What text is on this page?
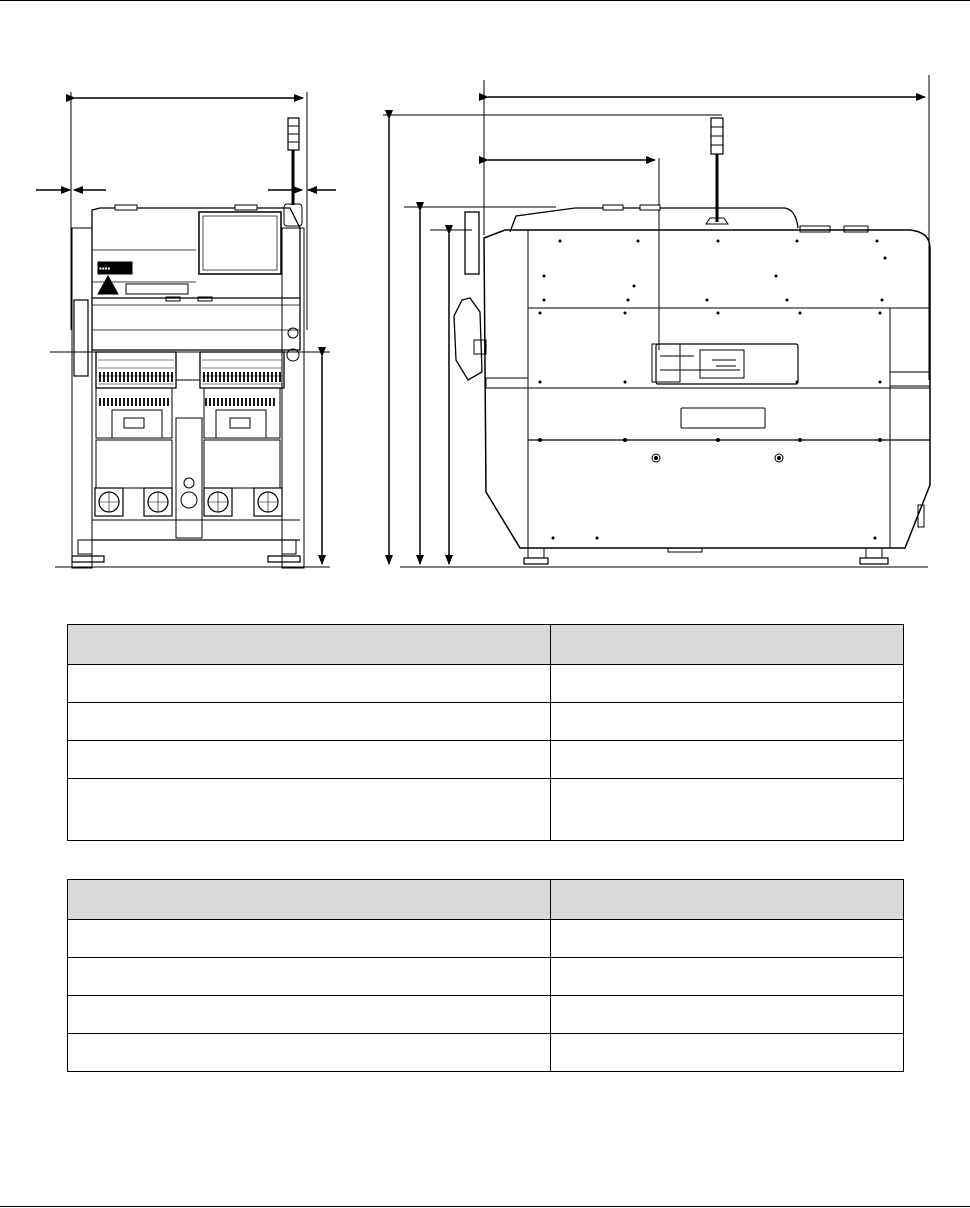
▪▪▪▪
